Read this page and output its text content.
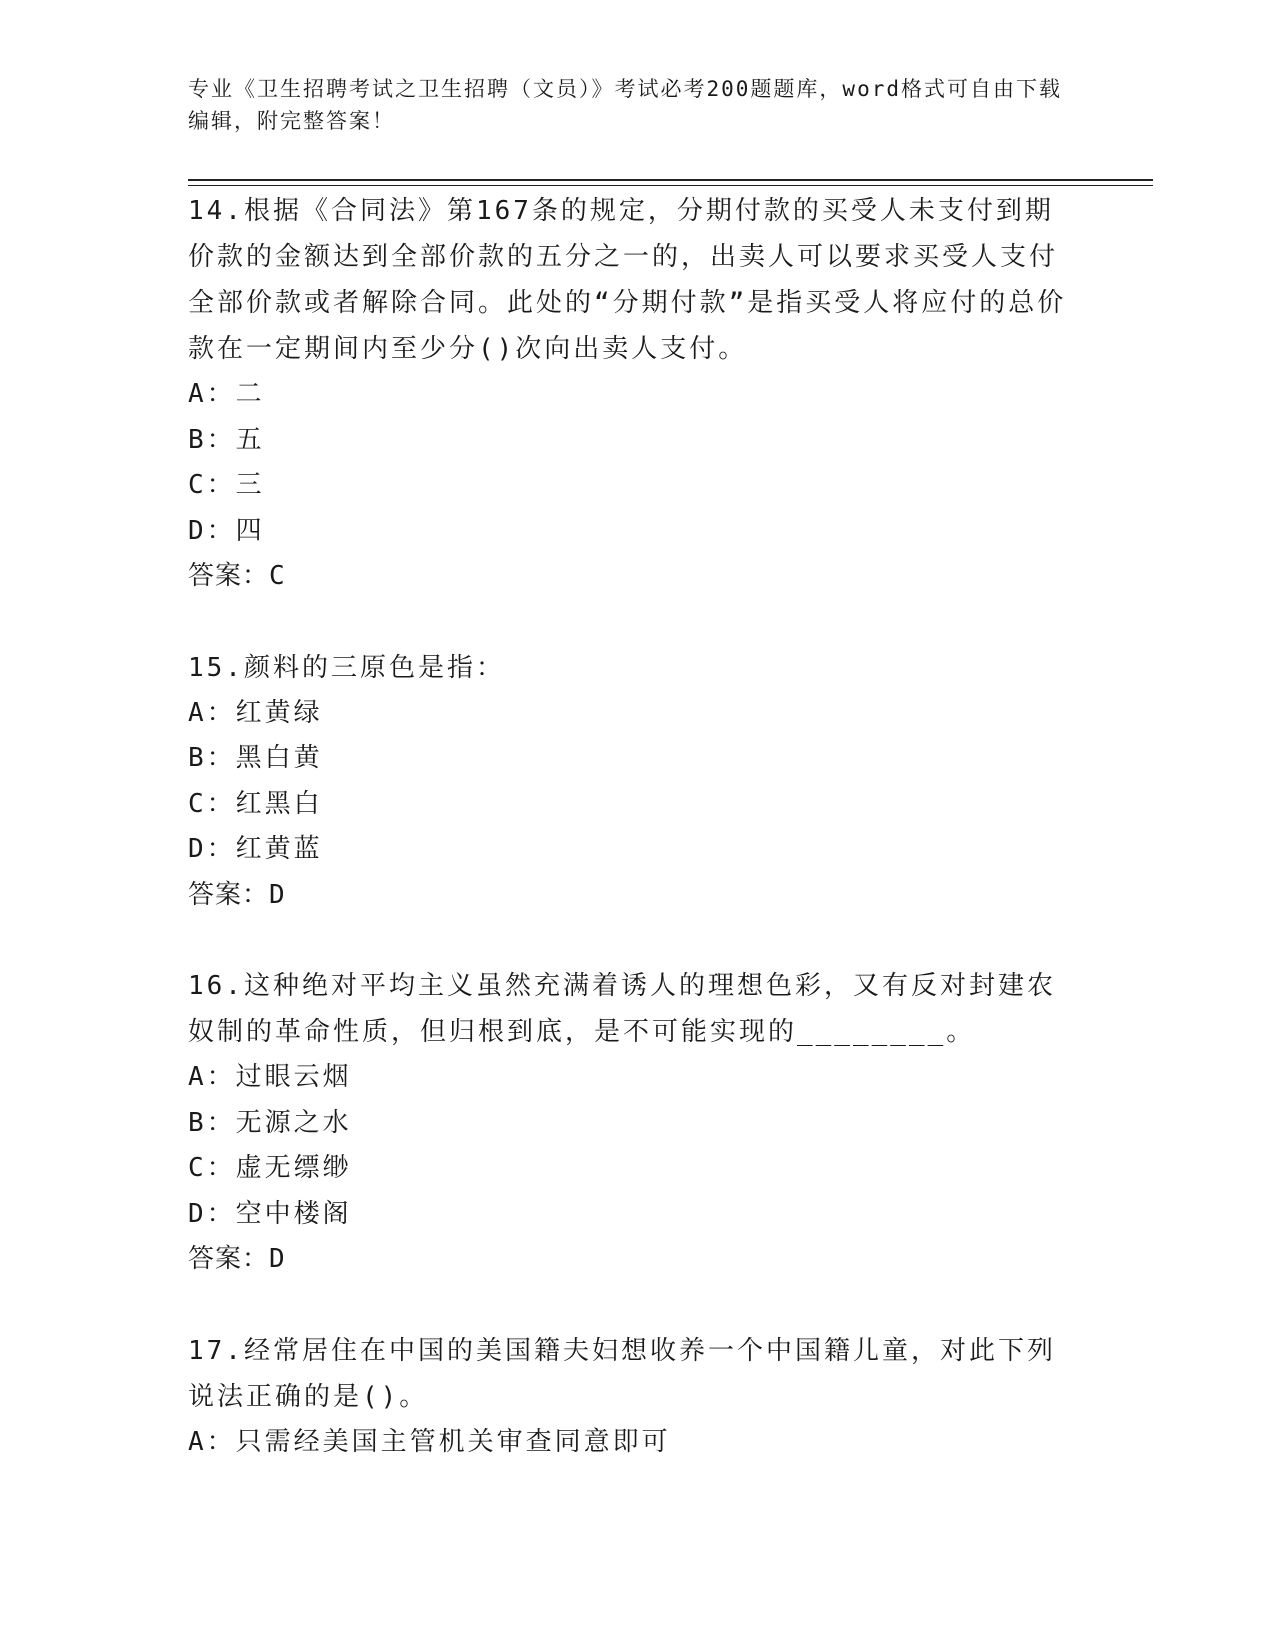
专业《卫生招聘考试之卫生招聘（文员）》考试必考200题题库，word格式可自由下载编辑，附完整答案！

14.根据《合同法》第167条的规定，分期付款的买受人未支付到期价款的金额达到全部价款的五分之一的，出卖人可以要求买受人支付全部价款或者解除合同。此处的“分期付款”是指买受人将应付的总价款在一定期间内至少分()次向出卖人支付。

A：二
B：五
C：三
D：四
答案：C

15.颜料的三原色是指：

A：红黄绿
B：黑白黄
C：红黑白
D：红黄蓝
答案：D

16.这种绝对平均主义虽然充满着诱人的理想色彩，又有反对封建农奴制的革命性质，但归根到底，是不可能实现的________。

A：过眼云烟
B：无源之水
C：虚无缥缈
D：空中楼阁
答案：D

17.经常居住在中国的美国籍夫妇想收养一个中国籍儿童，对此下列说法正确的是()。

A：只需经美国主管机关审查同意即可
